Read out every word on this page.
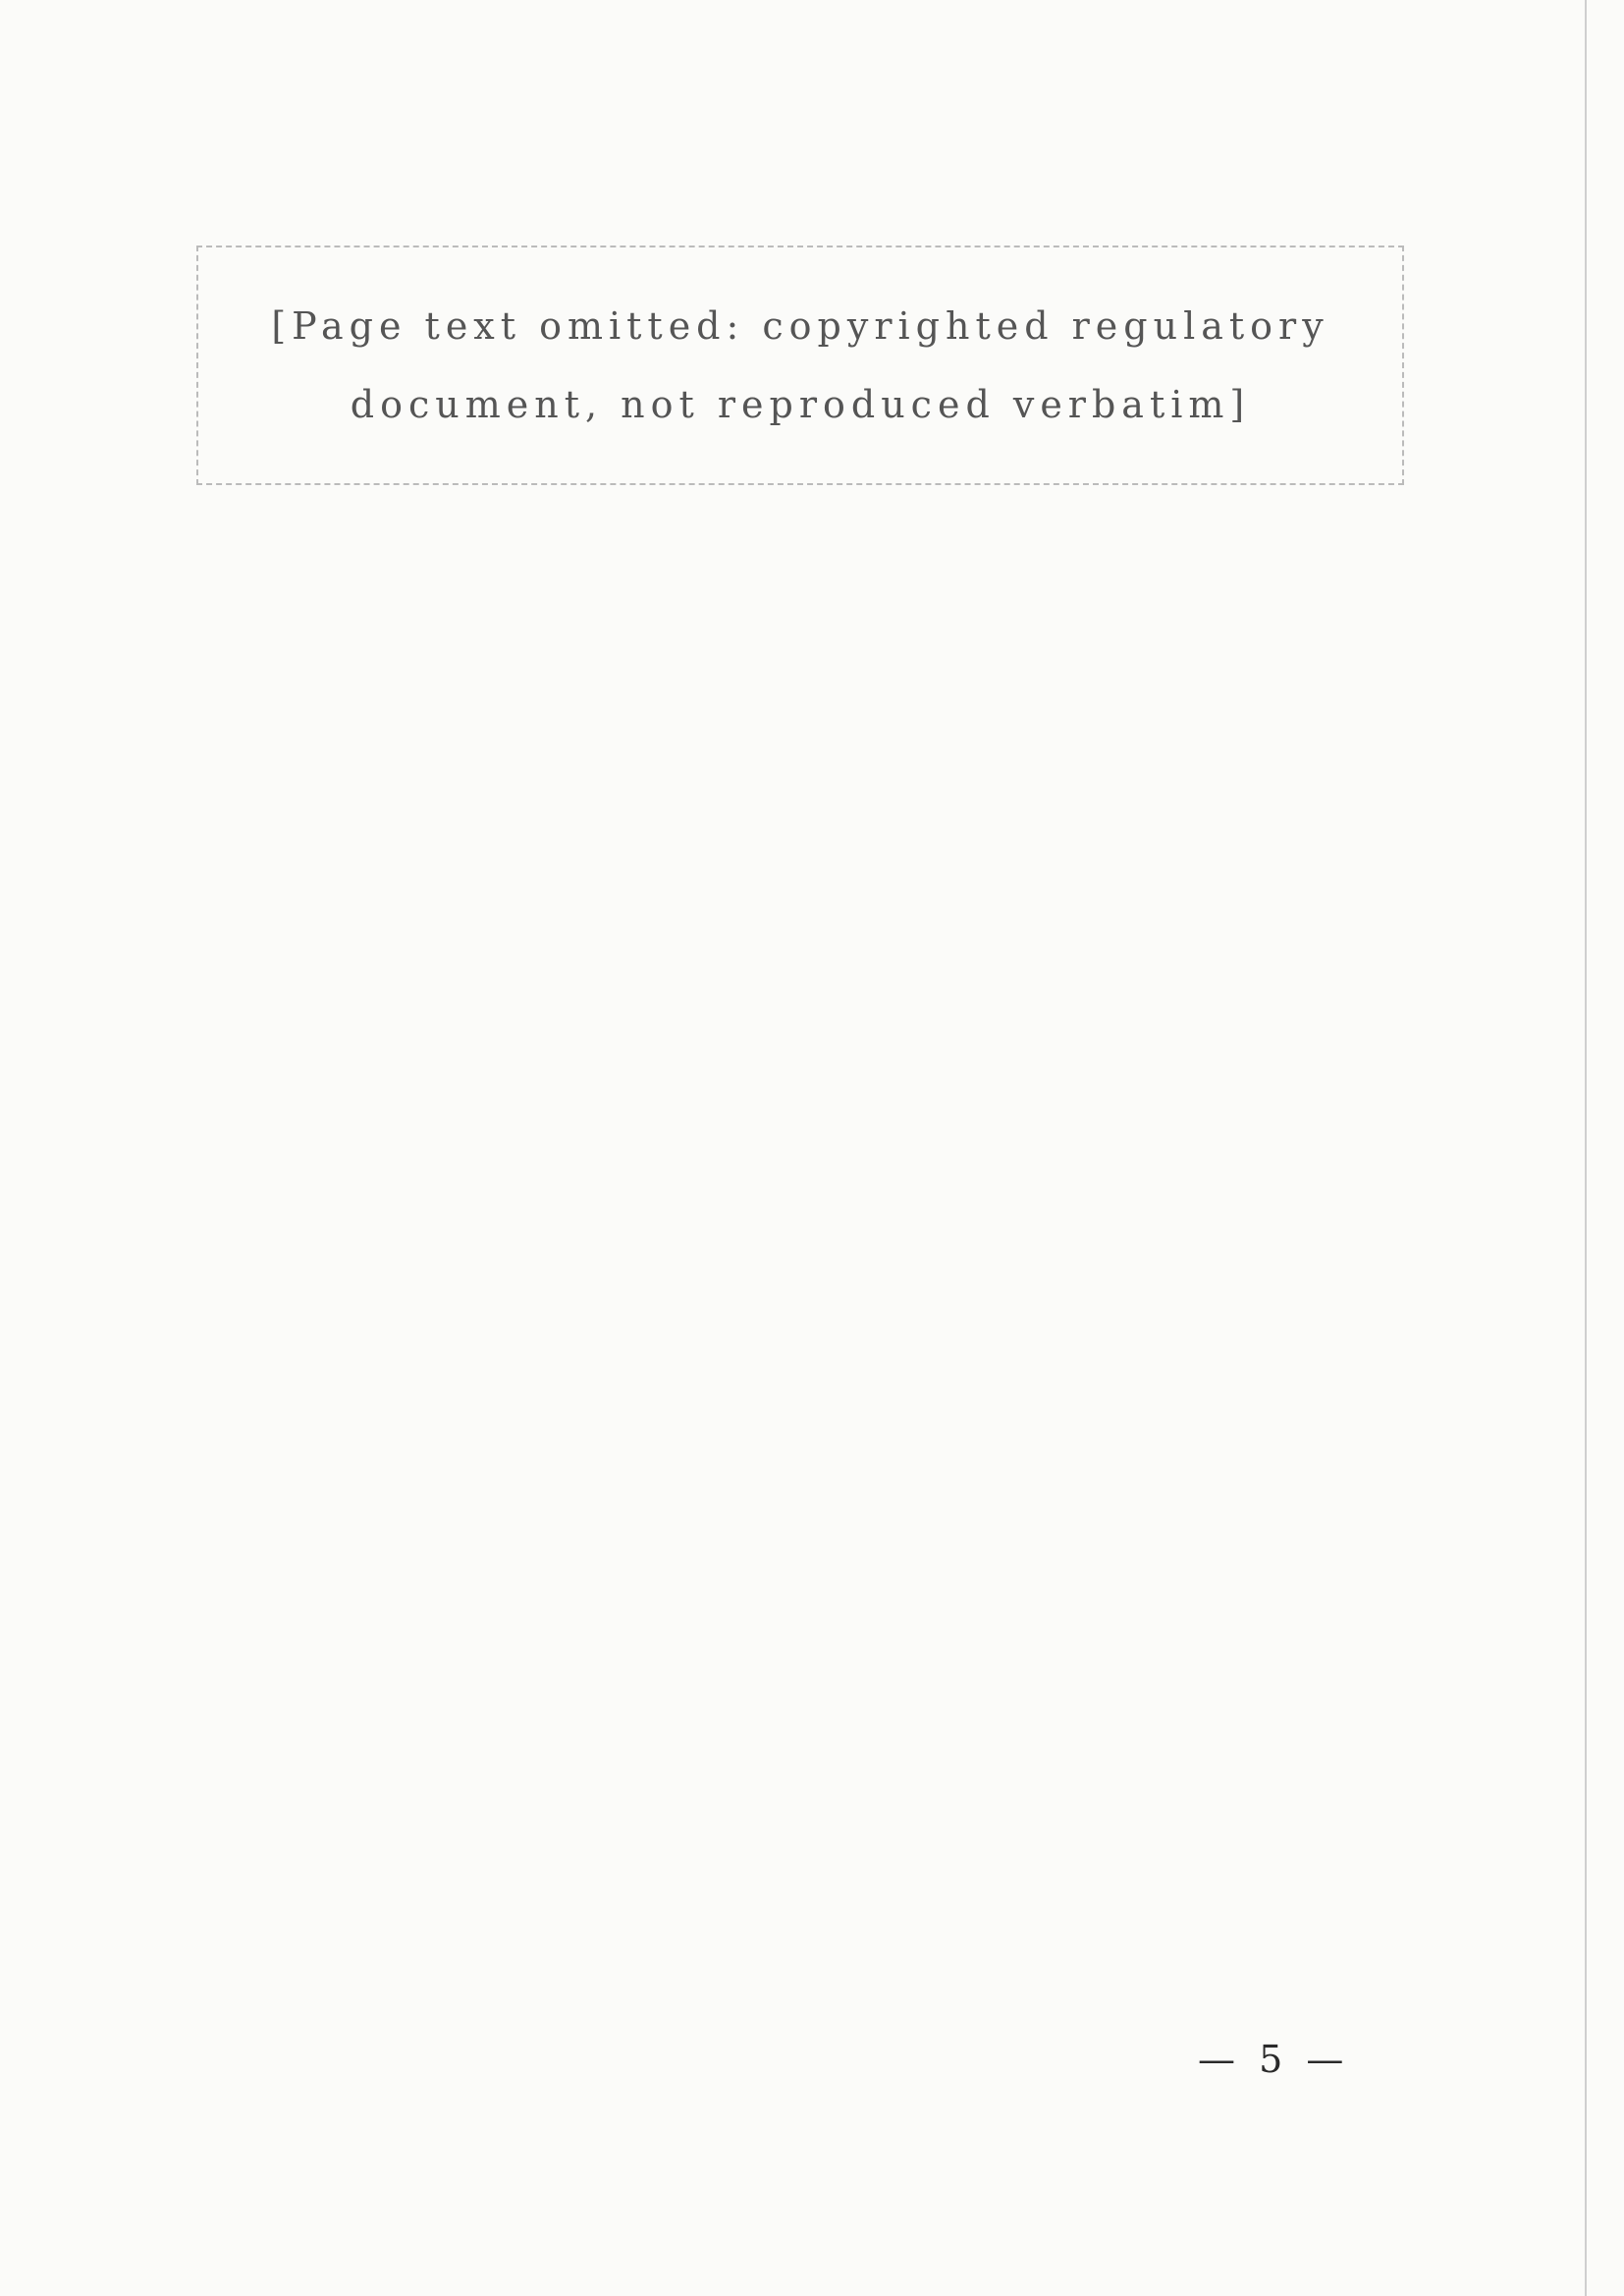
[Page text omitted: copyrighted regulatory document, not reproduced verbatim]
— 5 —
